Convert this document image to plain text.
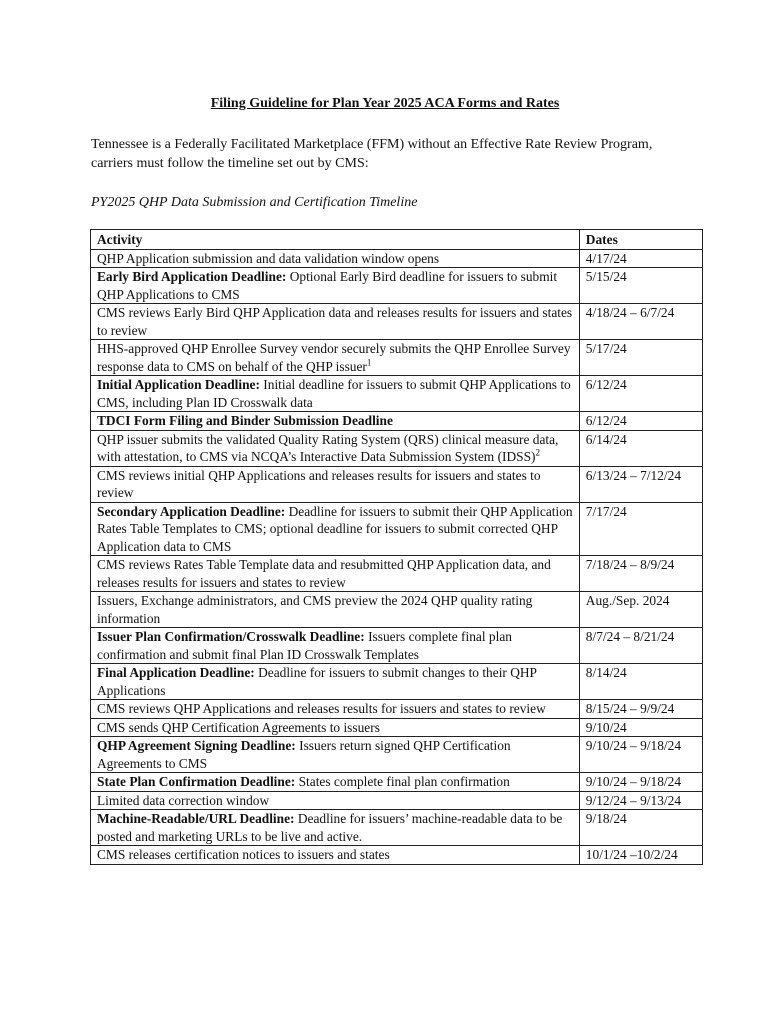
Filing Guideline for Plan Year 2025 ACA Forms and Rates
Tennessee is a Federally Facilitated Marketplace (FFM) without an Effective Rate Review Program, carriers must follow the timeline set out by CMS:
PY2025 QHP Data Submission and Certification Timeline
Activity	Dates
QHP Application submission and data validation window opens	4/17/24
Early Bird Application Deadline: Optional Early Bird deadline for issuers to submit QHP Applications to CMS	5/15/24
CMS reviews Early Bird QHP Application data and releases results for issuers and states to review	4/18/24 – 6/7/24
HHS-approved QHP Enrollee Survey vendor securely submits the QHP Enrollee Survey response data to CMS on behalf of the QHP issuer$^1$	5/17/24
Initial Application Deadline: Initial deadline for issuers to submit QHP Applications to CMS, including Plan ID Crosswalk data	6/12/24
TDCI Form Filing and Binder Submission Deadline	6/12/24
QHP issuer submits the validated Quality Rating System (QRS) clinical measure data, with attestation, to CMS via NCQA’s Interactive Data Submission System (IDSS)$^2$	6/14/24
CMS reviews initial QHP Applications and releases results for issuers and states to review	6/13/24 – 7/12/24
Secondary Application Deadline: Deadline for issuers to submit their QHP Application Rates Table Templates to CMS; optional deadline for issuers to submit corrected QHP Application data to CMS	7/17/24
CMS reviews Rates Table Template data and resubmitted QHP Application data, and releases results for issuers and states to review	7/18/24 – 8/9/24
Issuers, Exchange administrators, and CMS preview the 2024 QHP quality rating information	Aug./Sep. 2024
Issuer Plan Confirmation/Crosswalk Deadline: Issuers complete final plan confirmation and submit final Plan ID Crosswalk Templates	8/7/24 – 8/21/24
Final Application Deadline: Deadline for issuers to submit changes to their QHP Applications	8/14/24
CMS reviews QHP Applications and releases results for issuers and states to review	8/15/24 – 9/9/24
CMS sends QHP Certification Agreements to issuers	9/10/24
QHP Agreement Signing Deadline: Issuers return signed QHP Certification Agreements to CMS	9/10/24 – 9/18/24
State Plan Confirmation Deadline: States complete final plan confirmation	9/10/24 – 9/18/24
Limited data correction window	9/12/24 – 9/13/24
Machine-Readable/URL Deadline: Deadline for issuers’ machine-readable data to be posted and marketing URLs to be live and active.	9/18/24
CMS releases certification notices to issuers and states	10/1/24 –10/2/24
